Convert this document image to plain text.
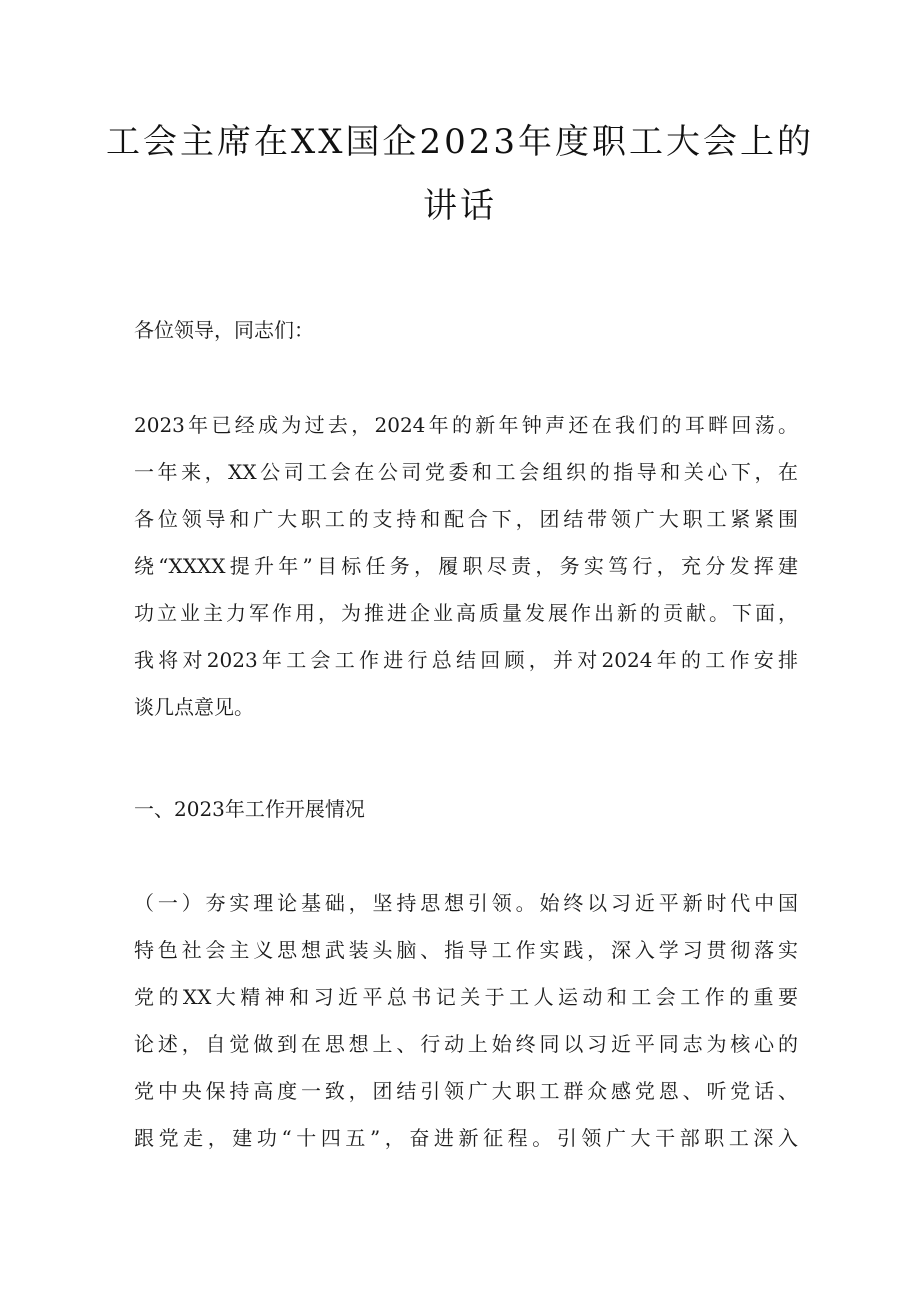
工会主席在XX国企2023年度职工大会上的
讲话
各位领导，同志们：
2023年已经成为过去，2024年的新年钟声还在我们的耳畔回荡。
一年来，XX公司工会在公司党委和工会组织的指导和关心下，在
各位领导和广大职工的支持和配合下，团结带领广大职工紧紧围
绕“XXXX提升年”目标任务，履职尽责，务实笃行，充分发挥建
功立业主力军作用，为推进企业高质量发展作出新的贡献。下面，
我将对2023年工会工作进行总结回顾，并对2024年的工作安排
谈几点意见。
一、2023年工作开展情况
（一）夯实理论基础，坚持思想引领。始终以习近平新时代中国
特色社会主义思想武装头脑、指导工作实践，深入学习贯彻落实
党的XX大精神和习近平总书记关于工人运动和工会工作的重要
论述，自觉做到在思想上、行动上始终同以习近平同志为核心的
党中央保持高度一致，团结引领广大职工群众感党恩、听党话、
跟党走，建功“十四五”，奋进新征程。引领广大干部职工深入
